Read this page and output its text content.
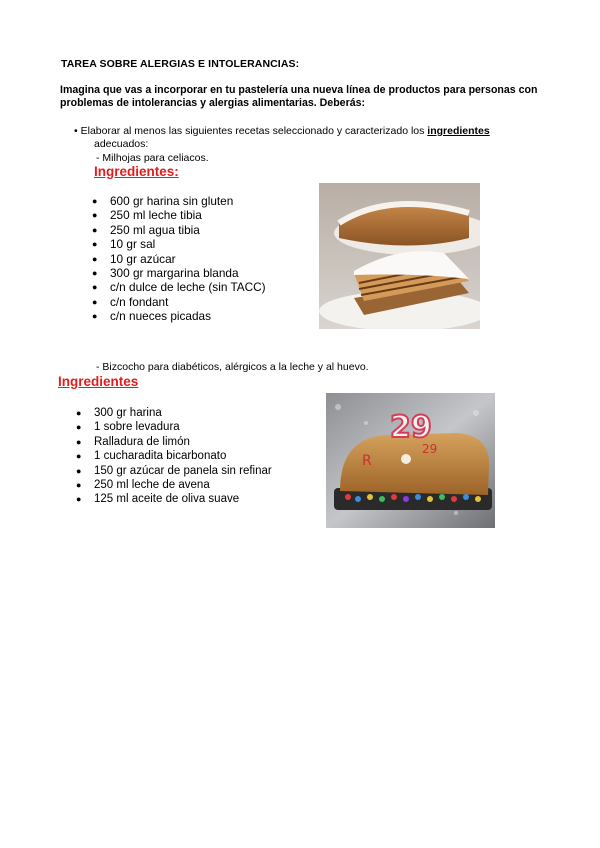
TAREA SOBRE ALERGIAS E INTOLERANCIAS:
Imagina que vas a incorporar en tu pastelería una nueva línea de productos para personas con problemas de intolerancias y alergias alimentarias. Deberás:
• Elaborar al menos las siguientes recetas seleccionado y caracterizado los ingredientes
adecuados:
- Milhojas para celiacos.
Ingredientes:
● 600 gr harina sin gluten
● 250 ml leche tibia
● 250 ml agua tibia
● 10 gr sal
● 10 gr azúcar
● 300 gr margarina blanda
● c/n dulce de leche (sin TACC)
● c/n fondant
● c/n nueces picadas
- Bizcocho para diabéticos, alérgicos a la leche y al huevo.
Ingredientes
● 300 gr harina
● 1 sobre levadura
● Ralladura de limón
● 1 cucharadita bicarbonato
● 150 gr azúcar de panela sin refinar
● 250 ml leche de avena
● 125 ml aceite de oliva suave
R
29
29
